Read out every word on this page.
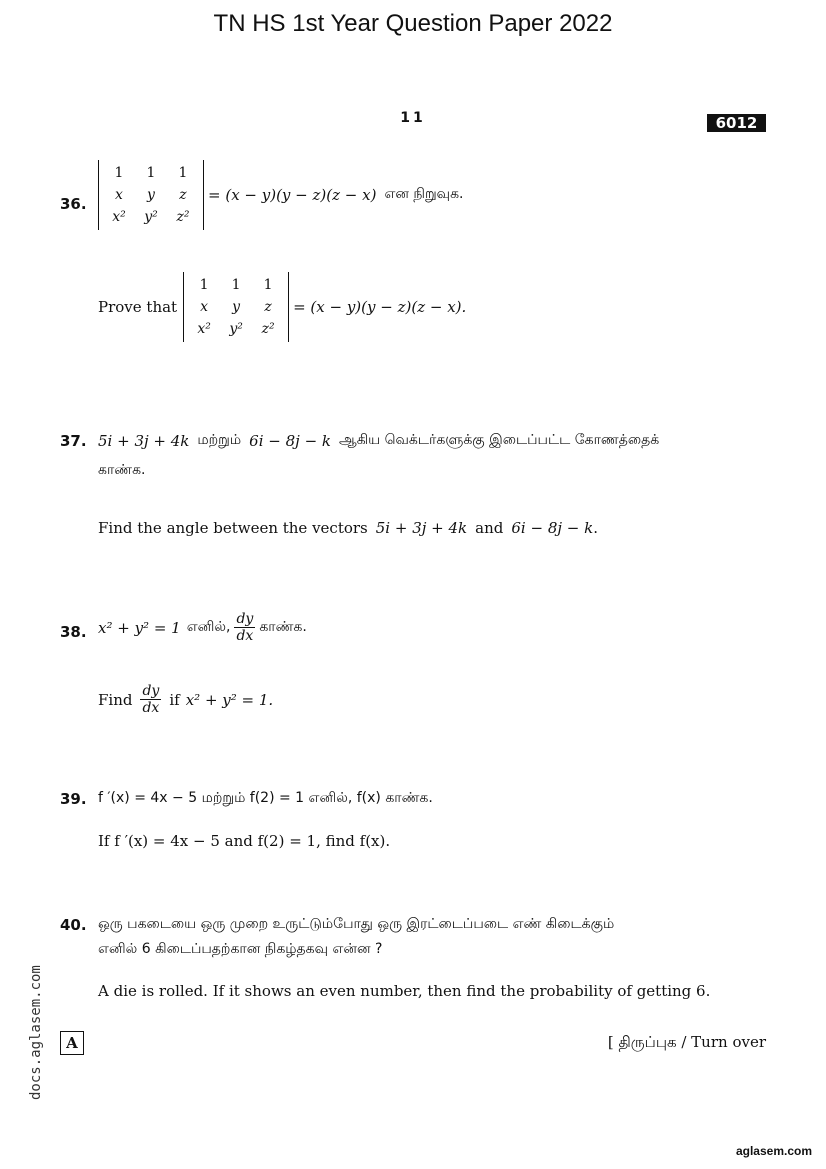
TN HS 1st Year Question Paper 2022
11	6012
36.
1	1	1
x	y	z
x²	y²	z²
= (x − y)(y − z)(z − x) என நிறுவுக.
Prove that
1	1	1
x	y	z
x²	y²	z²
= (x − y)(y − z)(z − x).
37. 5i + 3j + 4k மற்றும் 6i − 8j − k ஆகிய வெக்டர்களுக்கு இடைப்பட்ட கோணத்தைக்
காண்க.
Find the angle between the vectors 5i + 3j + 4k and 6i − 8j − k .
38. x² + y² = 1 எனில், $\frac{dy}{dx}$ காண்க.
Find $\frac{dy}{dx}$ if x² + y² = 1.
39. f ′(x) = 4x − 5 மற்றும் f(2) = 1 எனில், f(x) காண்க.
If f ′(x) = 4x − 5 and f(2) = 1, find f(x).
40. ஒரு பகடையை ஒரு முறை உருட்டும்போது ஒரு இரட்டைப்படை எண் கிடைக்கும்
எனில் 6 கிடைப்பதற்கான நிகழ்தகவு என்ன ?
A die is rolled. If it shows an even number, then find the probability of getting 6.
A	[ திருப்புக / Turn over
docs.aglasem.com
aglasem.com
